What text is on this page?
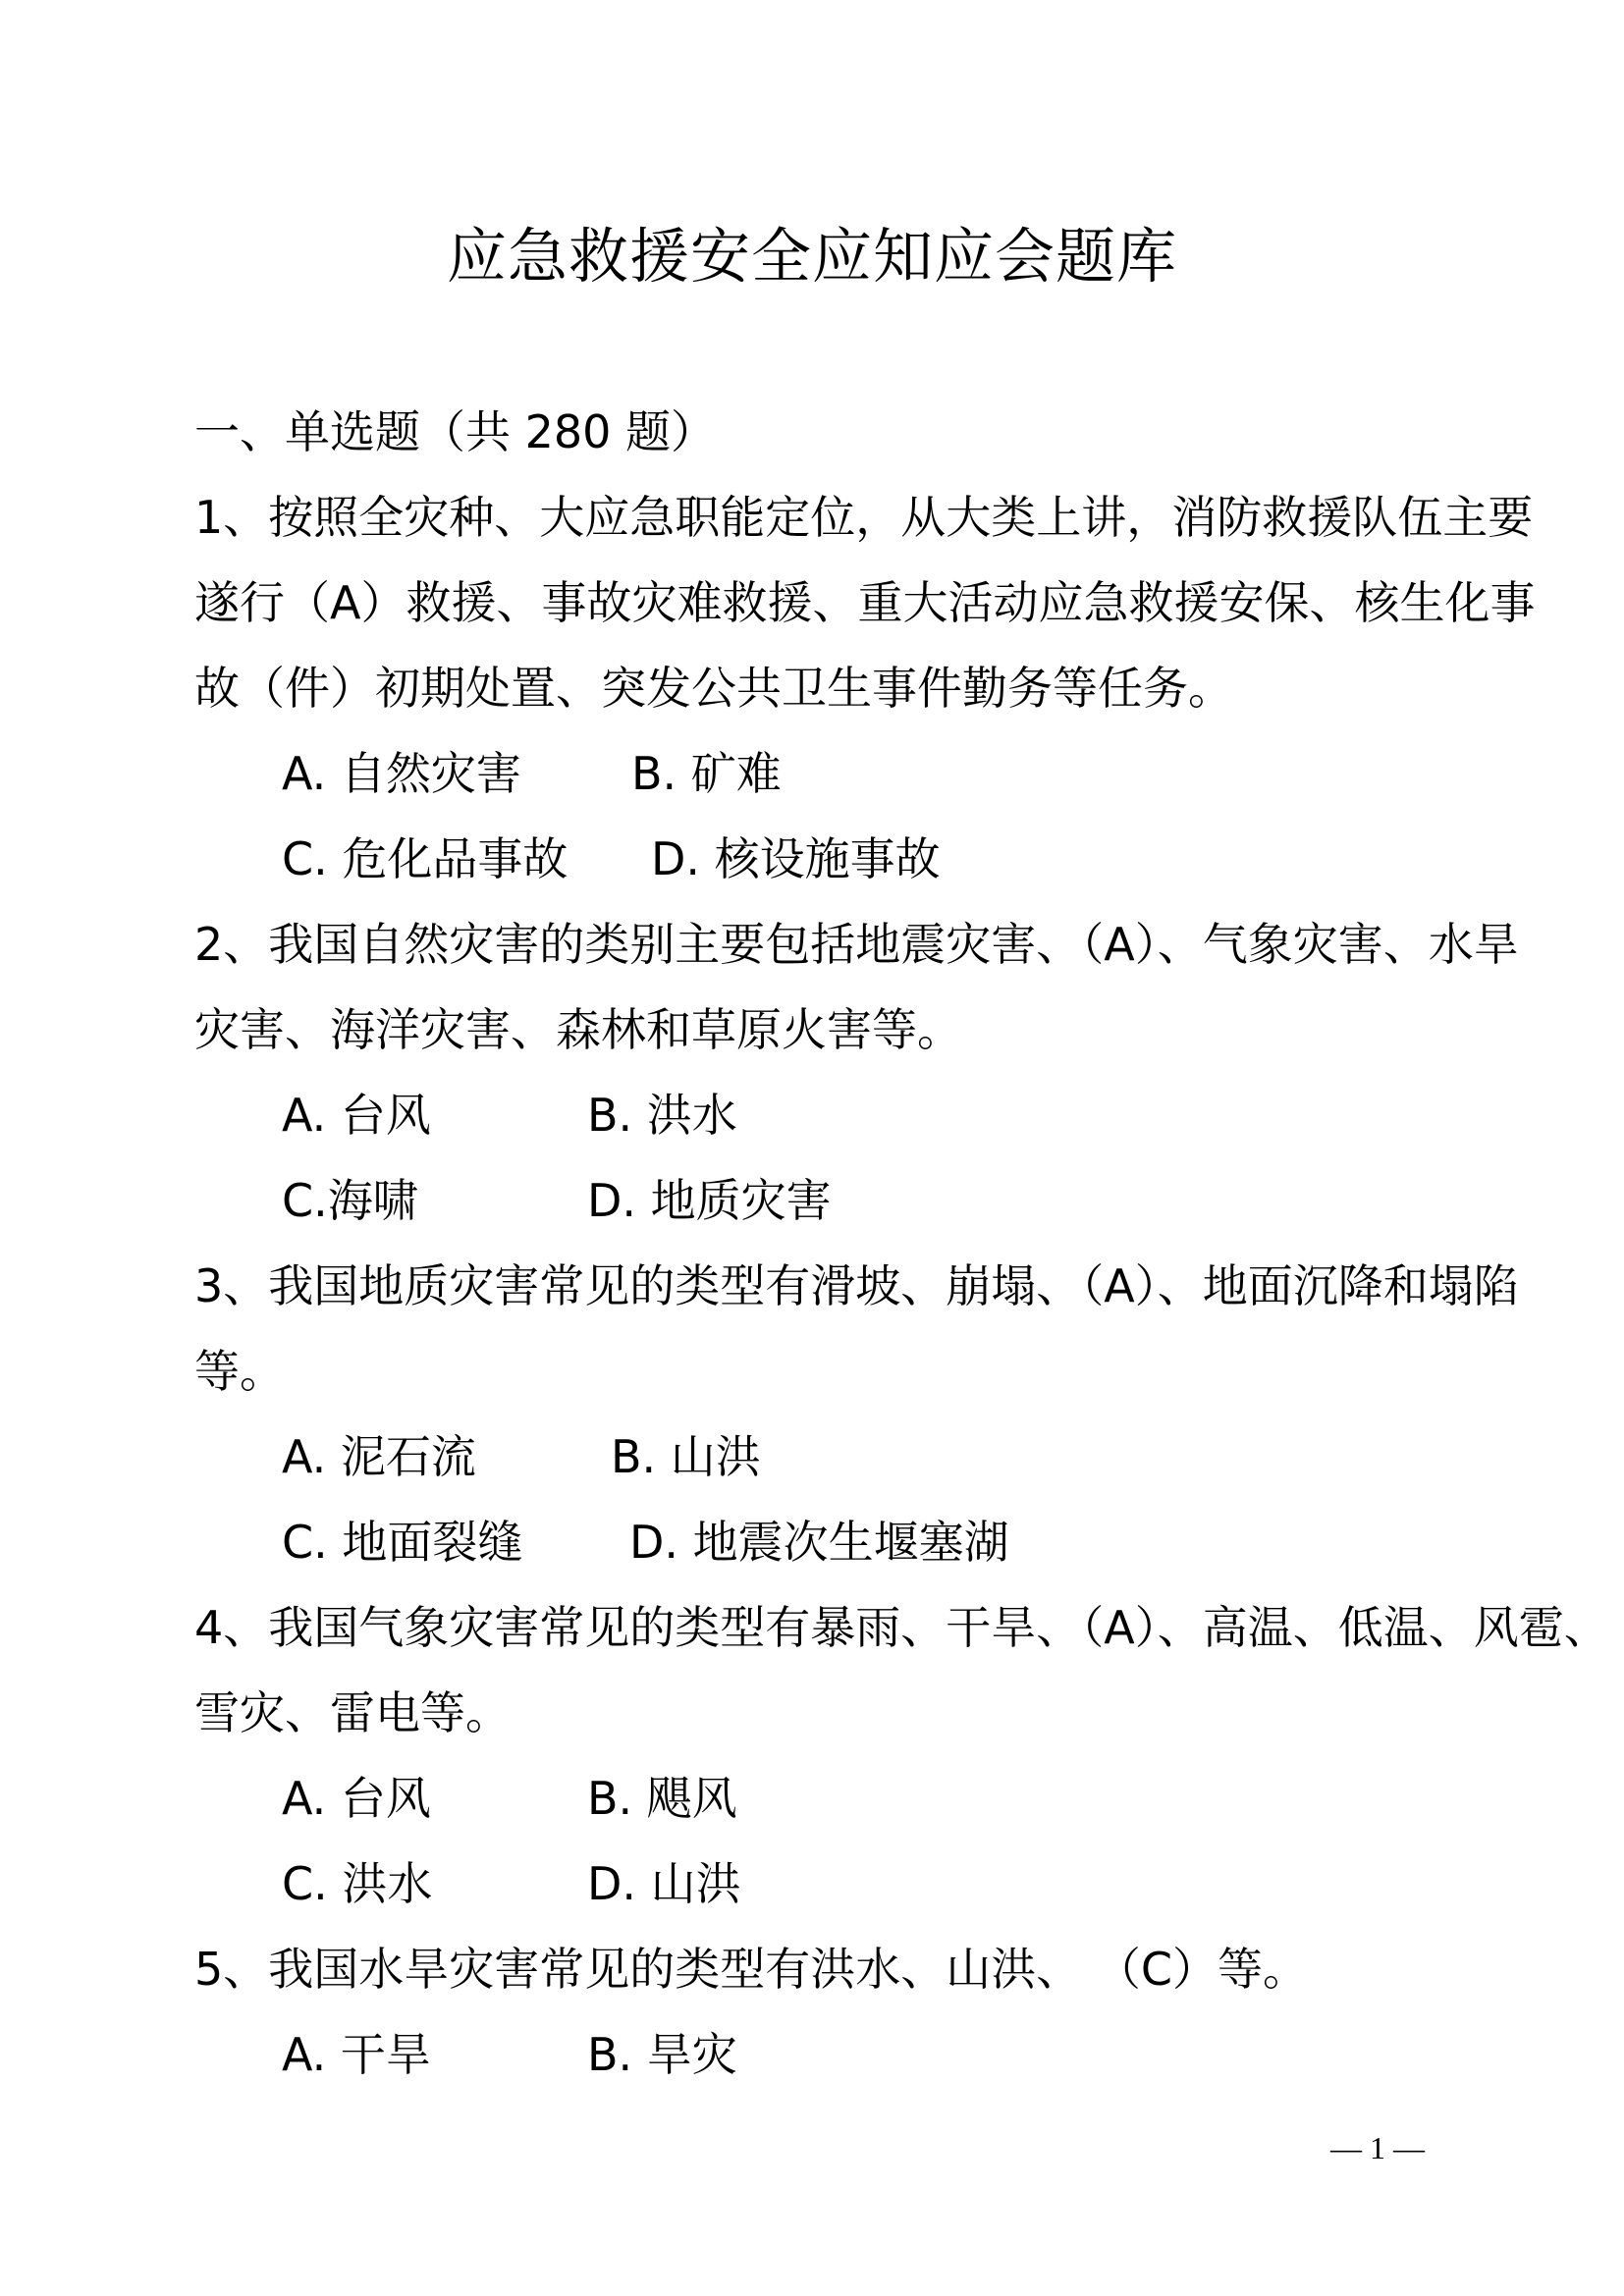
应急救援安全应知应会题库
一、单选题（共 280 题）
1、按照全灾种、大应急职能定位，从大类上讲，消防救援队伍主要
遂行（A）救援、事故灾难救援、重大活动应急救援安保、核生化事
故（件）初期处置、突发公共卫生事件勤务等任务。
A. 自然灾害 B. 矿难
C. 危化品事故 D. 核设施事故
2、我国自然灾害的类别主要包括地震灾害、（A）、气象灾害、水旱
灾害、海洋灾害、森林和草原火害等。
A. 台风	B. 洪水
C.海啸	D. 地质灾害
3、我国地质灾害常见的类型有滑坡、崩塌、（A）、地面沉降和塌陷
等。
A. 泥石流	B. 山洪
C. 地面裂缝 D. 地震次生堰塞湖
4、我国气象灾害常见的类型有暴雨、干旱、（A）、高温、低温、风雹、
雪灾、雷电等。
A. 台风	B. 飓风
C. 洪水	D. 山洪
5、我国水旱灾害常见的类型有洪水、山洪、 （C）等。
A. 干旱	B. 旱灾
— 1 —
